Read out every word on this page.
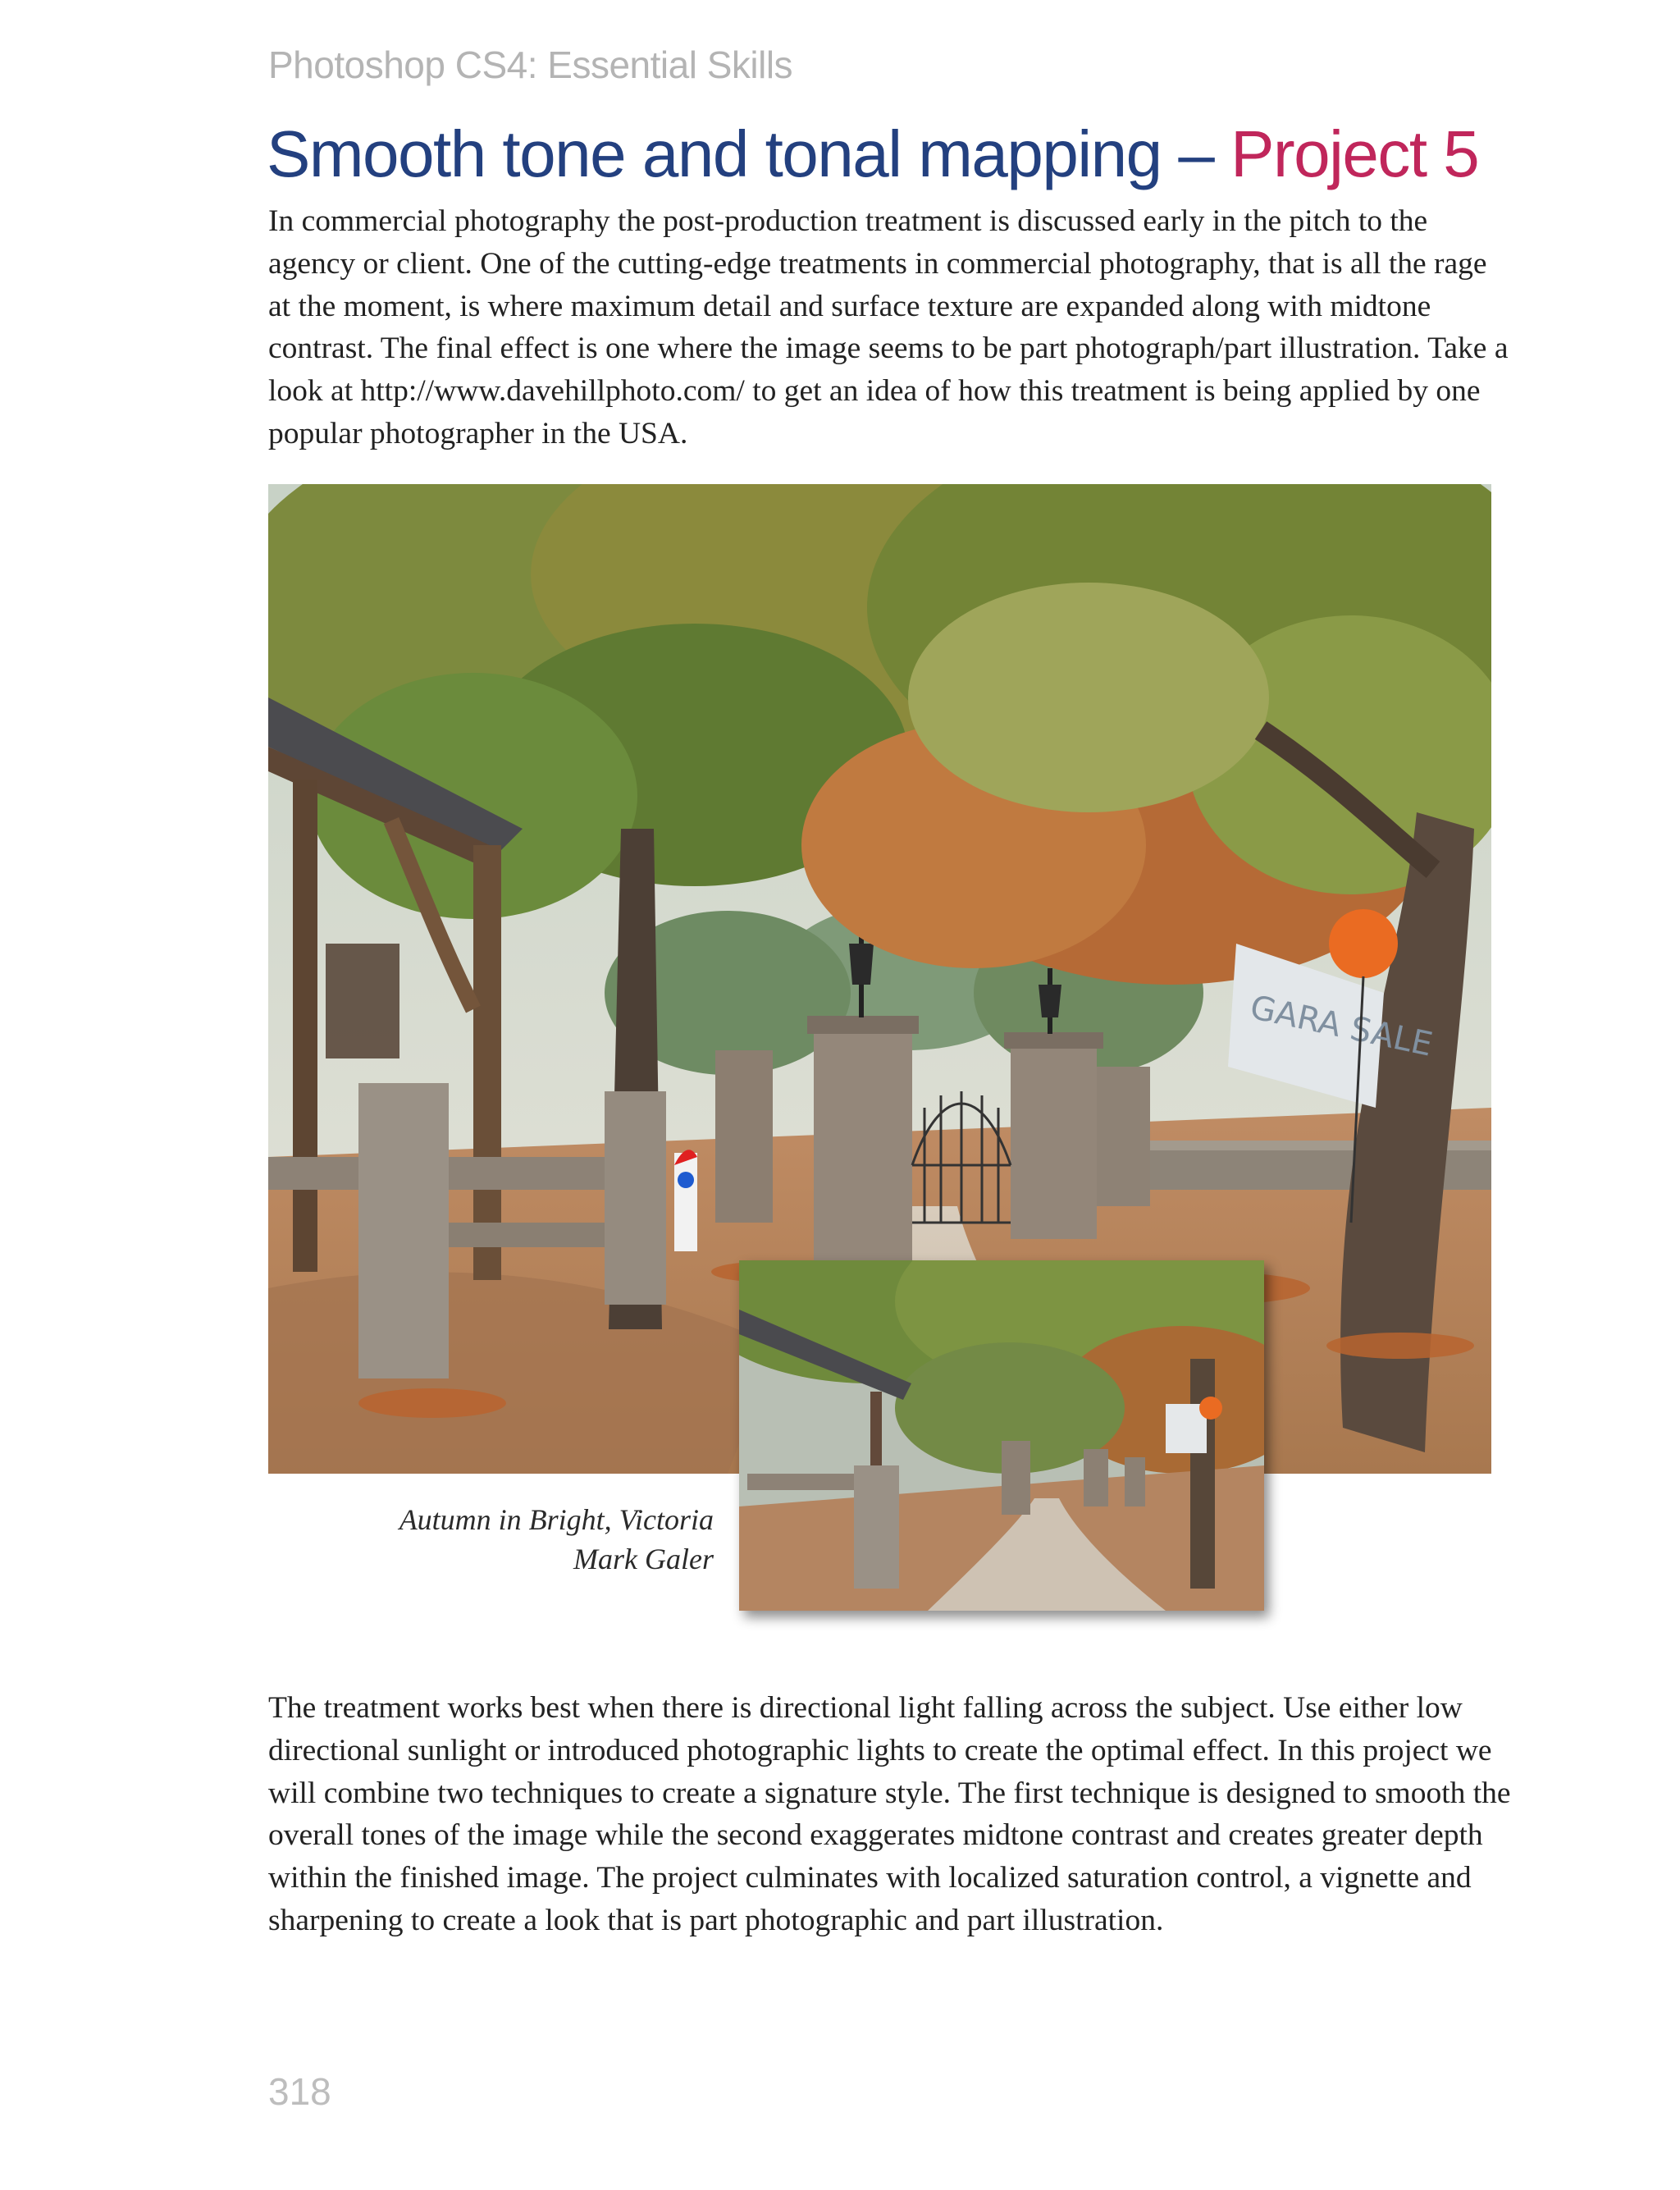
Photoshop CS4: Essential Skills
Smooth tone and tonal mapping – Project 5

In commercial photography the post-production treatment is discussed early in the pitch to the agency or client. One of the cutting-edge treatments in commercial photography, that is all the rage at the moment, is where maximum detail and surface texture are expanded along with midtone contrast. The final effect is one where the image seems to be part photograph/part illustration. Take a look at http://www.davehillphoto.com/ to get an idea of how this treatment is being applied by one popular photographer in the USA.

GARA SALE
Autumn in Bright, Victoria
Mark Galer

The treatment works best when there is directional light falling across the subject. Use either low directional sunlight or introduced photographic lights to create the optimal effect. In this project we will combine two techniques to create a signature style. The first technique is designed to smooth the overall tones of the image while the second exaggerates midtone contrast and creates greater depth within the finished image. The project culminates with localized saturation control, a vignette and sharpening to create a look that is part photographic and part illustration.

318
